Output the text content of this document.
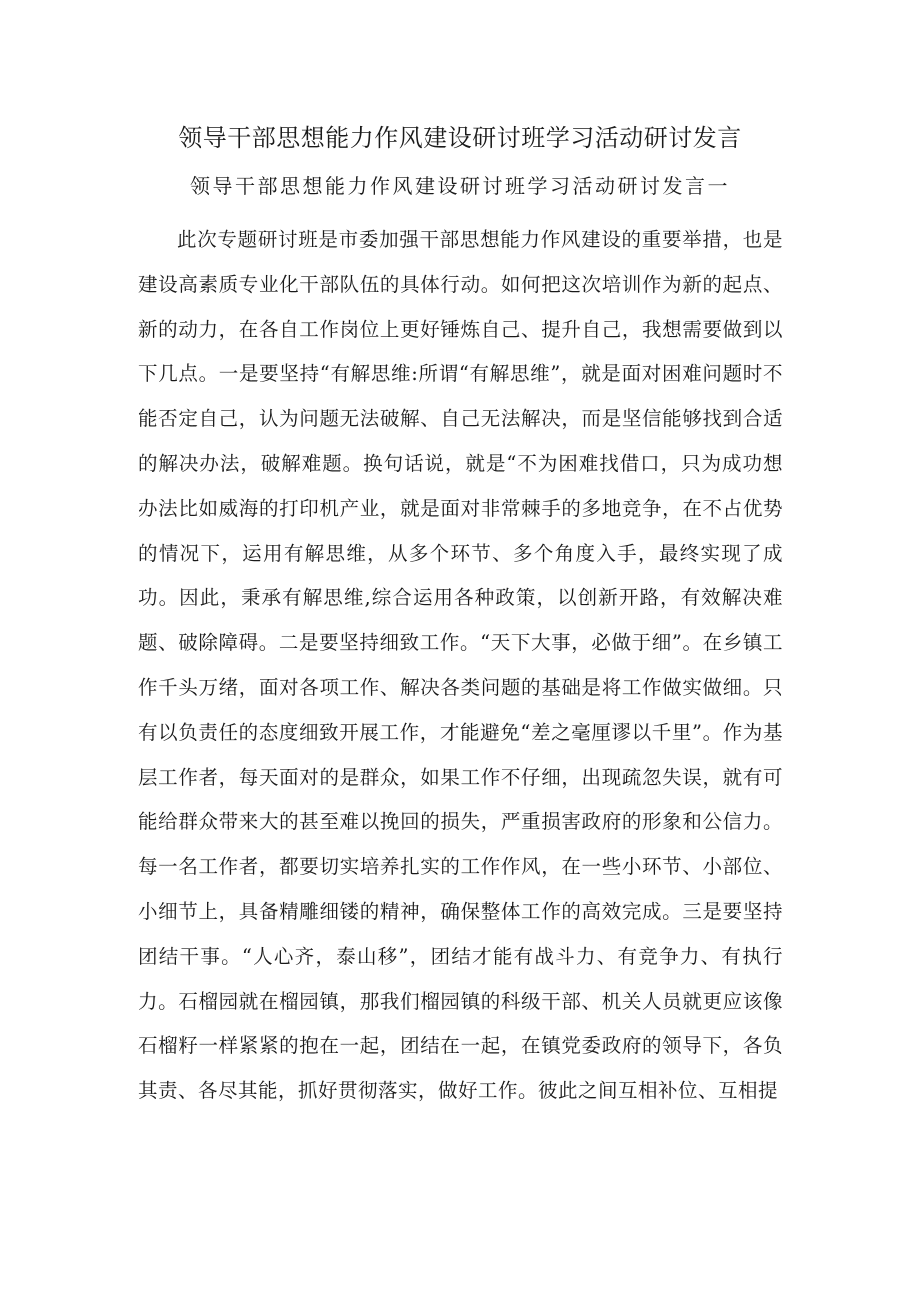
领导干部思想能力作风建设研讨班学习活动研讨发言
领导干部思想能力作风建设研讨班学习活动研讨发言一

此次专题研讨班是市委加强干部思想能力作风建设的重要举措，也是建设高素质专业化干部队伍的具体行动。如何把这次培训作为新的起点、新的动力，在各自工作岗位上更好锤炼自己、提升自己，我想需要做到以下几点。一是要坚持“有解思维:所谓“有解思维”，就是面对困难问题时不能否定自己，认为问题无法破解、自己无法解决，而是坚信能够找到合适的解决办法，破解难题。换句话说，就是“不为困难找借口，只为成功想办法比如威海的打印机产业，就是面对非常棘手的多地竞争，在不占优势的情况下，运用有解思维，从多个环节、多个角度入手，最终实现了成功。因此，秉承有解思维,综合运用各种政策，以创新开路，有效解决难题、破除障碍。二是要坚持细致工作。“天下大事，必做于细”。在乡镇工作千头万绪，面对各项工作、解决各类问题的基础是将工作做实做细。只有以负责任的态度细致开展工作，才能避免“差之毫厘谬以千里”。作为基层工作者，每天面对的是群众，如果工作不仔细，出现疏忽失误，就有可能给群众带来大的甚至难以挽回的损失，严重损害政府的形象和公信力。每一名工作者，都要切实培养扎实的工作作风，在一些小环节、小部位、小细节上，具备精雕细镂的精神，确保整体工作的高效完成。三是要坚持团结干事。“人心齐，泰山移”，团结才能有战斗力、有竞争力、有执行力。石榴园就在榴园镇，那我们榴园镇的科级干部、机关人员就更应该像石榴籽一样紧紧的抱在一起，团结在一起，在镇党委政府的领导下，各负其责、各尽其能，抓好贯彻落实，做好工作。彼此之间互相补位、互相提
